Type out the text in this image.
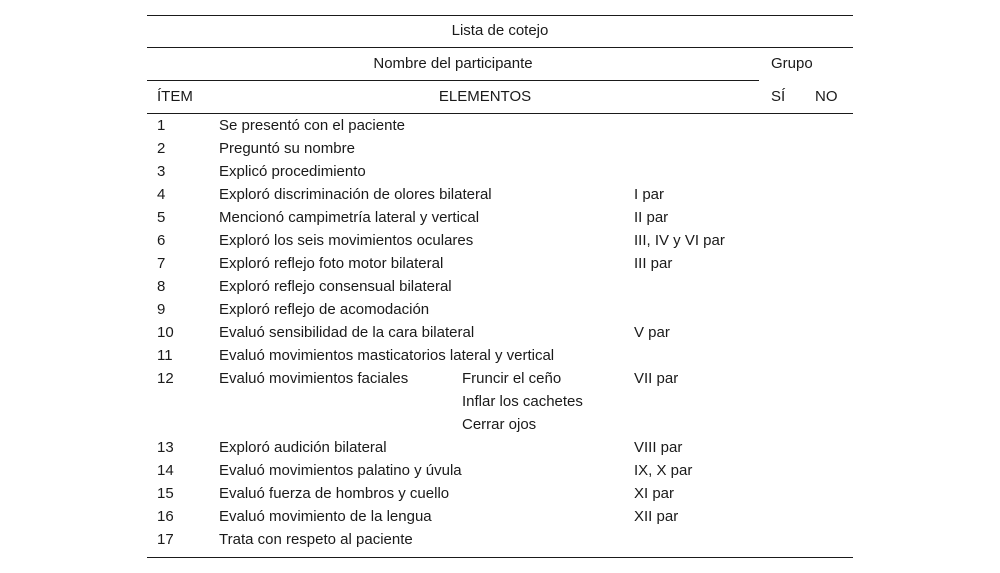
Lista de cotejo
Nombre del participante	Grupo
ÍTEM	ELEMENTOS	SÍ NO
1	Se presentó con el paciente
2	Preguntó su nombre
3	Explicó procedimiento
4	Exploró discriminación de olores bilateral	I par
5	Mencionó campimetría lateral y vertical	II par
6	Exploró los seis movimientos oculares	III, IV y VI par
7	Exploró reflejo foto motor bilateral	III par
8	Exploró reflejo consensual bilateral
9	Exploró reflejo de acomodación
10	Evaluó sensibilidad de la cara bilateral	V par
11	Evaluó movimientos masticatorios lateral y vertical
12	Evaluó movimientos faciales	Fruncir el ceño	VII par
Inflar los cachetes
Cerrar ojos
13	Exploró audición bilateral	VIII par
14	Evaluó movimientos palatino y úvula	IX, X par
15	Evaluó fuerza de hombros y cuello	XI par
16	Evaluó movimiento de la lengua	XII par
17	Trata con respeto al paciente
